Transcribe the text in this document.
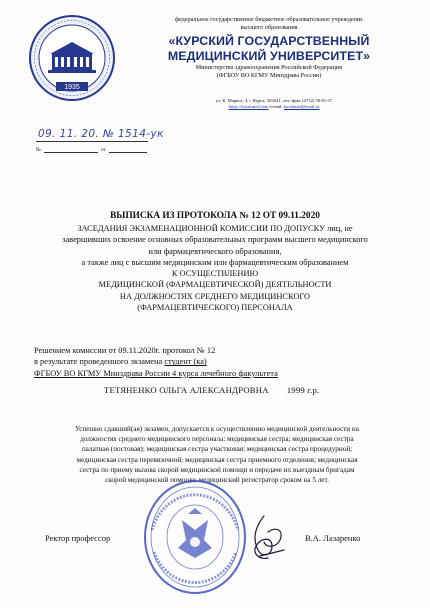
1935
федеральное государственное бюджетное образовательное учреждение
высшего образования
«КУРСКИЙ ГОСУДАРСТВЕННЫЙ
МЕДИЦИНСКИЙ УНИВЕРСИТЕТ»
Министерства здравоохранения Российской Федерации
(ФГБОУ ВО КГМУ Минздрава России)
ул. К. Маркса, 3, г. Курск, 305041, тел./факс (4712) 58-81-37
https://kurskmed.com e-mail: kurskmed@mail.ru
09. 11. 20. № 1514-ук
№	от
ВЫПИСКА ИЗ ПРОТОКОЛА № 12 ОТ 09.11.2020
ЗАСЕДАНИЯ ЭКЗАМЕНАЦИОННОЙ КОМИССИИ ПО ДОПУСКУ лиц, не
завершивших освоение основных образовательных программ высшего медицинского
или фармацевтического образования,
а также лиц с высшим медицинским или фармацевтическим образованием
К ОСУЩЕСТВЛЕНИЮ
МЕДИЦИНСКОЙ (ФАРМАЦЕВТИЧЕСКОЙ) ДЕЯТЕЛЬНОСТИ
НА ДОЛЖНОСТЯХ СРЕДНЕГО МЕДИЦИНСКОГО
(ФАРМАЦЕВТИЧЕСКОГО) ПЕРСОНАЛА
Решением комиссии от 09.11.2020г. протокол № 12
в результате проведенного экзамена студент (ка)
ФГБОУ ВО КГМУ Минздрава России 4 курса лечебного факультета
ТЕТЯНЕНКО ОЛЬГА АЛЕКСАНДРОВНА 1999 г.р.
Успешно сдавший(ая) экзамен, допускается к осуществлению медицинской деятельности на
должностях среднего медицинского персонала: медицинская сестра; медицинская сестра
палатная (постовая); медицинская сестра участковая; медицинская сестра процедурной;
медицинская сестра перевязочной; медицинская сестра приемного отделения; медицинская
сестра по приему вызова скорой медицинской помощи и передаче их выездным бригадам
скорой медицинской помощи; медицинский регистратор сроком на 5 лет.
Ректор профессор	В.А. Лазаренко
